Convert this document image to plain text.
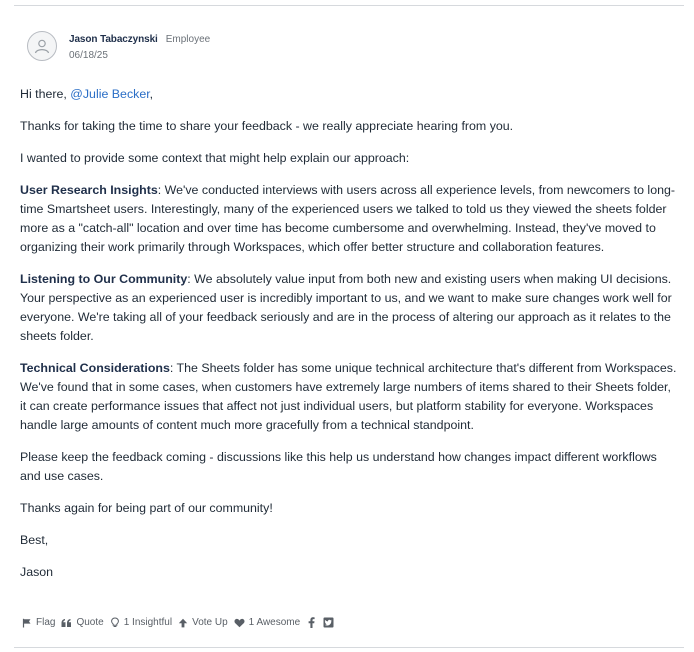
Jason Tabaczynski Employee
06/18/25

Hi there, @Julie Becker,

Thanks for taking the time to share your feedback - we really appreciate hearing from you.

I wanted to provide some context that might help explain our approach:

User Research Insights: We've conducted interviews with users across all experience levels, from newcomers to long-time Smartsheet users. Interestingly, many of the experienced users we talked to told us they viewed the sheets folder more as a "catch-all" location and over time has become cumbersome and overwhelming. Instead, they've moved to organizing their work primarily through Workspaces, which offer better structure and collaboration features.

Listening to Our Community: We absolutely value input from both new and existing users when making UI decisions. Your perspective as an experienced user is incredibly important to us, and we want to make sure changes work well for everyone. We're taking all of your feedback seriously and are in the process of altering our approach as it relates to the sheets folder.

Technical Considerations: The Sheets folder has some unique technical architecture that's different from Workspaces. We've found that in some cases, when customers have extremely large numbers of items shared to their Sheets folder, it can create performance issues that affect not just individual users, but platform stability for everyone. Workspaces handle large amounts of content much more gracefully from a technical standpoint.

Please keep the feedback coming - discussions like this help us understand how changes impact different workflows and use cases.

Thanks again for being part of our community!

Best,

Jason

Flag Quote 1 Insightful Vote Up 1 Awesome
